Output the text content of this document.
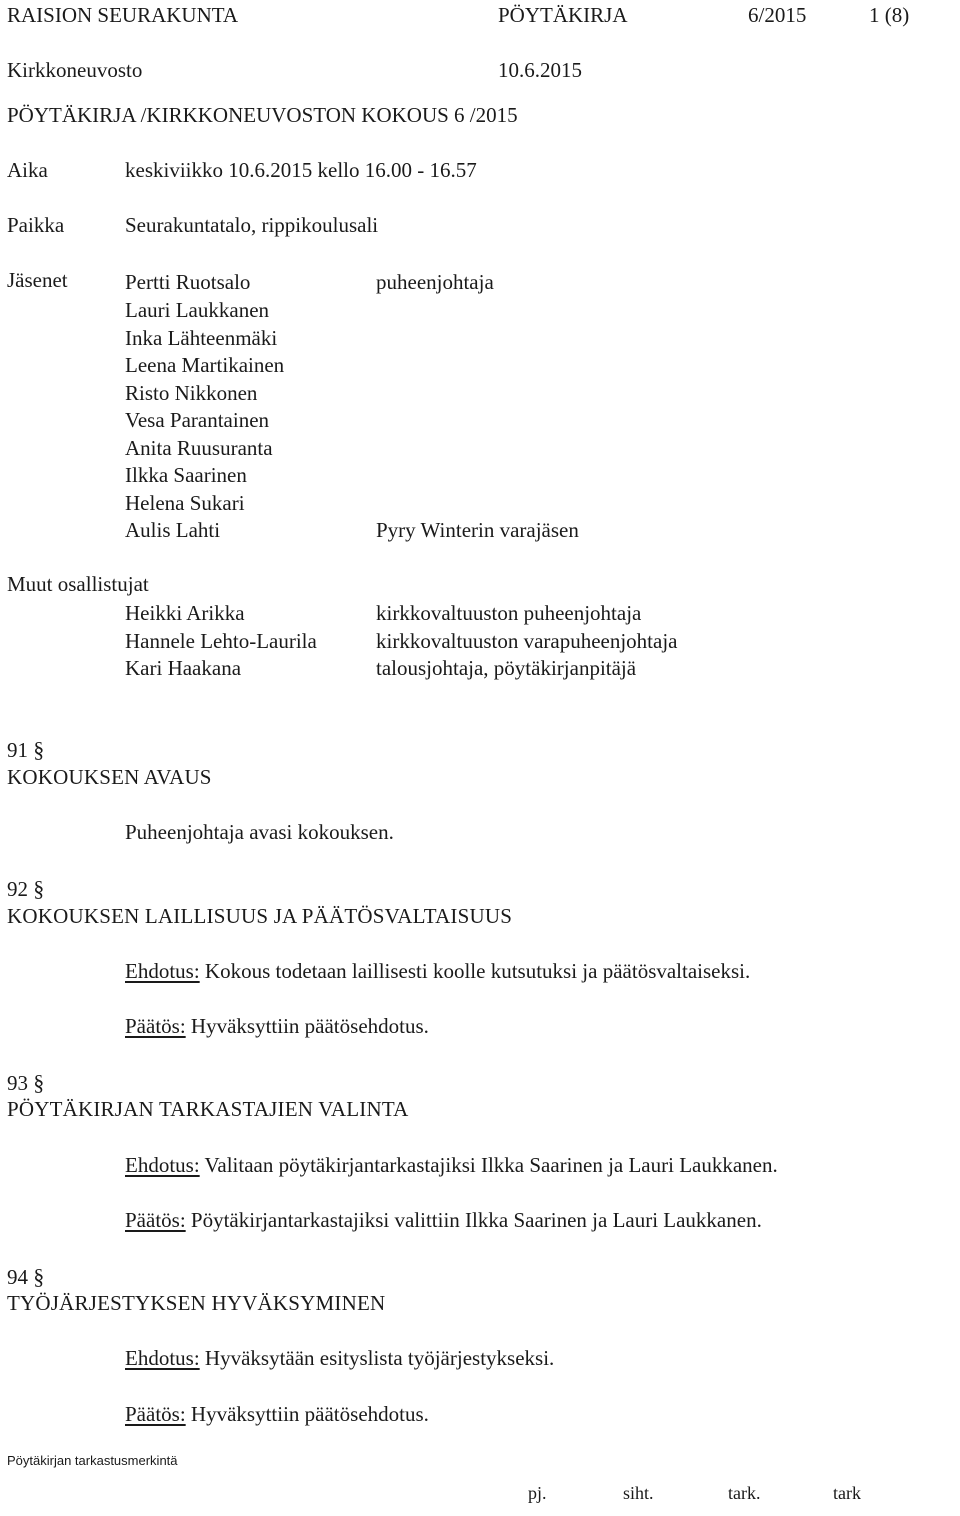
RAISION SEURAKUNTA	PÖYTÄKIRJA	6/2015	1 (8)
Kirkkoneuvosto	10.6.2015
PÖYTÄKIRJA /KIRKKONEUVOSTON KOKOUS 6 /2015
Aika	keskiviikko 10.6.2015 kello 16.00 - 16.57
Paikka	Seurakuntatalo, rippikoulusali
Jäsenet	Pertti Ruotsalo	puheenjohtaja
Lauri Laukkanen
Inka Lähteenmäki
Leena Martikainen
Risto Nikkonen
Vesa Parantainen
Anita Ruusuranta
Ilkka Saarinen
Helena Sukari
Aulis Lahti	Pyry Winterin varajäsen
Muut osallistujat
Heikki Arikka	kirkkovaltuuston puheenjohtaja
Hannele Lehto-Laurila	kirkkovaltuuston varapuheenjohtaja
Kari Haakana	talousjohtaja, pöytäkirjanpitäjä
91 §
KOKOUKSEN AVAUS
Puheenjohtaja avasi kokouksen.
92 §
KOKOUKSEN LAILLISUUS JA PÄÄTÖSVALTAISUUS
Ehdotus: Kokous todetaan laillisesti koolle kutsutuksi ja päätösvaltaiseksi.
Päätös: Hyväksyttiin päätösehdotus.
93 §
PÖYTÄKIRJAN TARKASTAJIEN VALINTA
Ehdotus: Valitaan pöytäkirjantarkastajiksi Ilkka Saarinen ja Lauri Laukkanen.
Päätös: Pöytäkirjantarkastajiksi valittiin Ilkka Saarinen ja Lauri Laukkanen.
94 §
TYÖJÄRJESTYKSEN HYVÄKSYMINEN
Ehdotus: Hyväksytään esityslista työjärjestykseksi.
Päätös: Hyväksyttiin päätösehdotus.
Pöytäkirjan tarkastusmerkintä
pj.	siht.	tark.	tark
